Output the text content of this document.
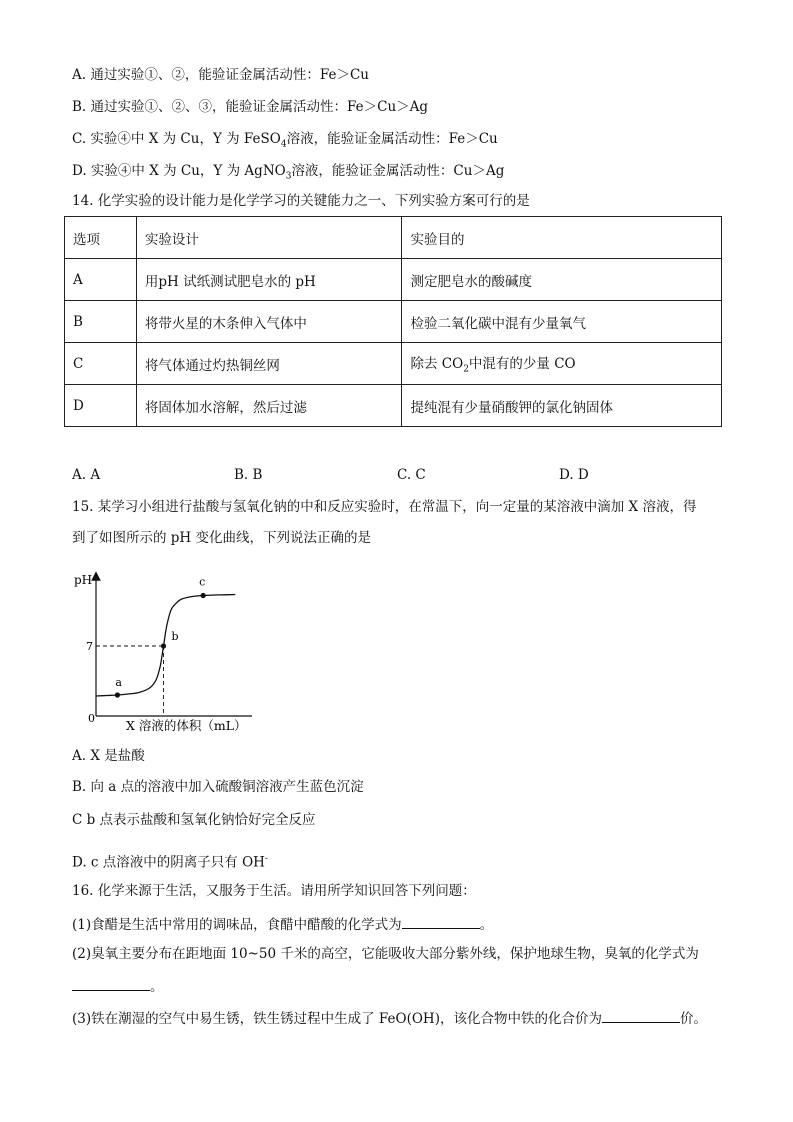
A. 通过实验①、②，能验证金属活动性：Fe＞Cu
B. 通过实验①、②、③，能验证金属活动性：Fe＞Cu＞Ag
C. 实验④中 X 为 Cu，Y 为 FeSO$_4$溶液，能验证金属活动性：Fe＞Cu
D. 实验④中 X 为 Cu，Y 为 AgNO$_3$溶液，能验证金属活动性：Cu＞Ag
14. 化学实验的设计能力是化学学习的关键能力之一、下列实验方案可行的是
选项	实验设计	实验目的
A	用pH 试纸测试肥皂水的 pH	测定肥皂水的酸碱度
B	将带火星的木条伸入气体中	检验二氧化碳中混有少量氧气
C	将气体通过灼热铜丝网	除去 $CO_2$中混有的少量 CO
D	将固体加水溶解，然后过滤	提纯混有少量硝酸钾的氯化钠固体
A. A	B. B	C. C	D. D
15. 某学习小组进行盐酸与氢氧化钠的中和反应实验时，在常温下，向一定量的某溶液中滴加 X 溶液，得
到了如图所示的 pH 变化曲线，下列说法正确的是
pH
0
7
a
b
c
X 溶液的体积（mL）
A. X 是盐酸
B. 向 a 点的溶液中加入硫酸铜溶液产生蓝色沉淀
C b 点表示盐酸和氢氧化钠恰好完全反应
D. c 点溶液中的阴离子只有 OH-
16. 化学来源于生活，又服务于生活。请用所学知识回答下列问题：
(1)食醋是生活中常用的调味品，食醋中醋酸的化学式为	。
(2)臭氧主要分布在距地面 10~50 千米的高空，它能吸收大部分紫外线，保护地球生物，臭氧的化学式为
。
(3)铁在潮湿的空气中易生锈，铁生锈过程中生成了 FeO(OH)，该化合物中铁的化合价为	价。
